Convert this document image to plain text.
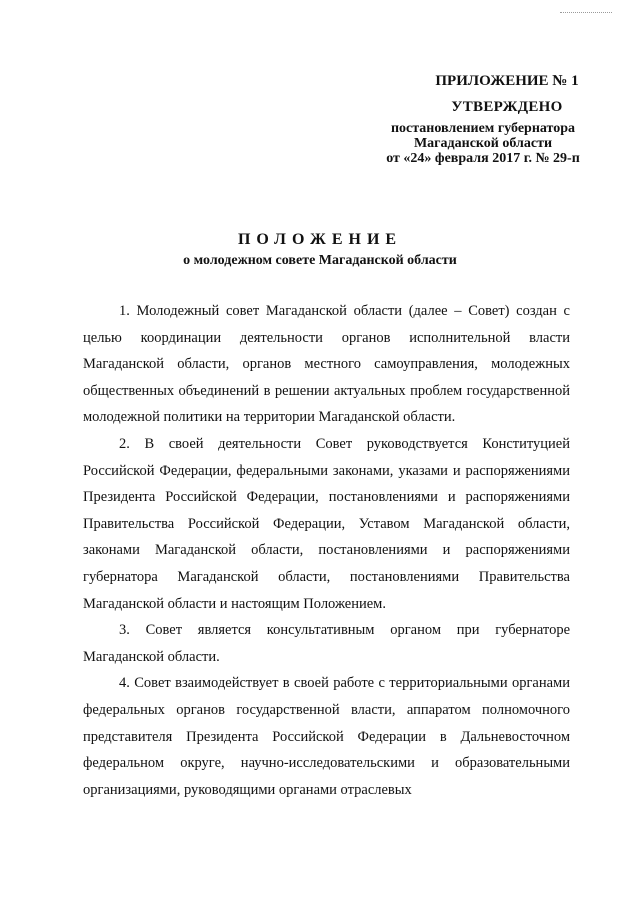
ПРИЛОЖЕНИЕ № 1
УТВЕРЖДЕНО
постановлением губернатора
Магаданской области
от «24» февраля 2017 г. № 29-п
ПОЛОЖЕНИЕ
о молодежном совете Магаданской области

1. Молодежный совет Магаданской области (далее – Совет) создан с целью координации деятельности органов исполнительной власти Магаданской области, органов местного самоуправления, молодежных общественных объединений в решении актуальных проблем государственной молодежной политики на территории Магаданской области.

2. В своей деятельности Совет руководствуется Конституцией Российской Федерации, федеральными законами, указами и распоряжениями Президента Российской Федерации, постановлениями и распоряжениями Правительства Российской Федерации, Уставом Магаданской области, законами Магаданской области, постановлениями и распоряжениями губернатора Магаданской области, постановлениями Правительства Магаданской области и настоящим Положением.

3. Совет является консультативным органом при губернаторе Магаданской области.

4. Совет взаимодействует в своей работе с территориальными органами федеральных органов государственной власти, аппаратом полномочного представителя Президента Российской Федерации в Дальневосточном федеральном округе, научно-исследовательскими и образовательными организациями, руководящими органами отраслевых
